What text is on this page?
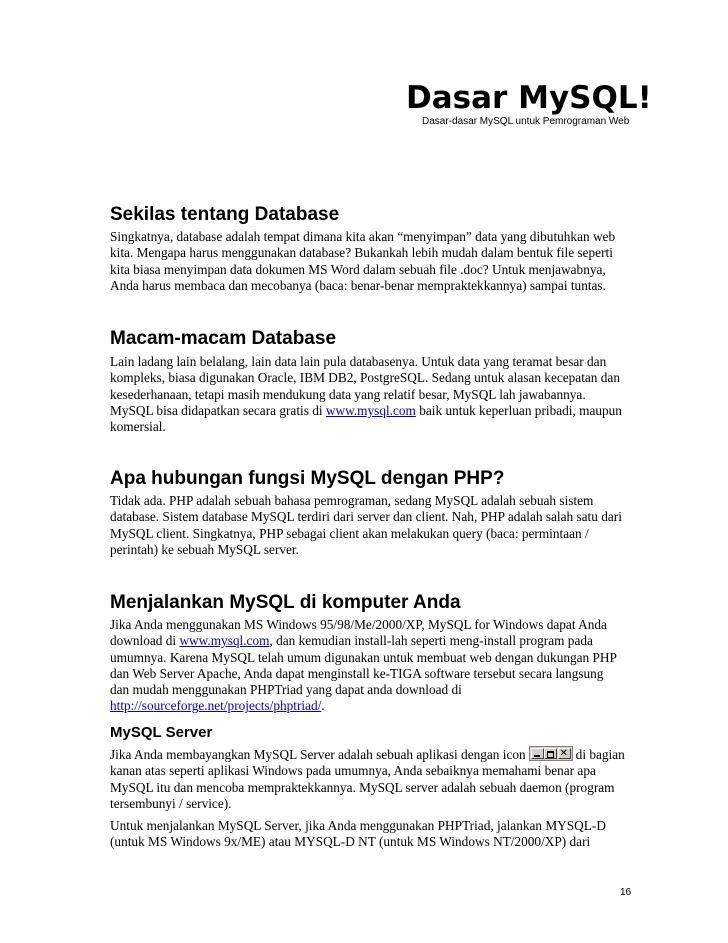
Dasar MySQL!
Dasar-dasar MySQL untuk Pemrograman Web
Sekilas tentang Database
Singkatnya, database adalah tempat dimana kita akan “menyimpan” data yang dibutuhkan web
kita. Mengapa harus menggunakan database? Bukankah lebih mudah dalam bentuk file seperti
kita biasa menyimpan data dokumen MS Word dalam sebuah file .doc? Untuk menjawabnya,
Anda harus membaca dan mecobanya (baca: benar-benar mempraktekkannya) sampai tuntas.
Macam-macam Database
Lain ladang lain belalang, lain data lain pula databasenya. Untuk data yang teramat besar dan
kompleks, biasa digunakan Oracle, IBM DB2, PostgreSQL. Sedang untuk alasan kecepatan dan
kesederhanaan, tetapi masih mendukung data yang relatif besar, MySQL lah jawabannya.
MySQL bisa didapatkan secara gratis di www.mysql.com baik untuk keperluan pribadi, maupun
komersial.
Apa hubungan fungsi MySQL dengan PHP?
Tidak ada. PHP adalah sebuah bahasa pemrograman, sedang MySQL adalah sebuah sistem
database. Sistem database MySQL terdiri dari server dan client. Nah, PHP adalah salah satu dari
MySQL client. Singkatnya, PHP sebagai client akan melakukan query (baca: permintaan /
perintah) ke sebuah MySQL server.
Menjalankan MySQL di komputer Anda
Jika Anda menggunakan MS Windows 95/98/Me/2000/XP, MySQL for Windows dapat Anda
download di www.mysql.com, dan kemudian install-lah seperti meng-install program pada
umumnya. Karena MySQL telah umum digunakan untuk membuat web dengan dukungan PHP
dan Web Server Apache, Anda dapat menginstall ke-TIGA software tersebut secara langsung
dan mudah menggunakan PHPTriad yang dapat anda download di
http://sourceforge.net/projects/phptriad/.
MySQL Server
Jika Anda membayangkan MySQL Server adalah sebuah aplikasi dengan icon
✕	di bagian
kanan atas seperti aplikasi Windows pada umumnya, Anda sebaiknya memahami benar apa
MySQL itu dan mencoba mempraktekkannya. MySQL server adalah sebuah daemon (program
tersembunyi / service).
Untuk menjalankan MySQL Server, jika Anda menggunakan PHPTriad, jalankan MYSQL-D
(untuk MS Windows 9x/ME) atau MYSQL-D NT (untuk MS Windows NT/2000/XP) dari
16
